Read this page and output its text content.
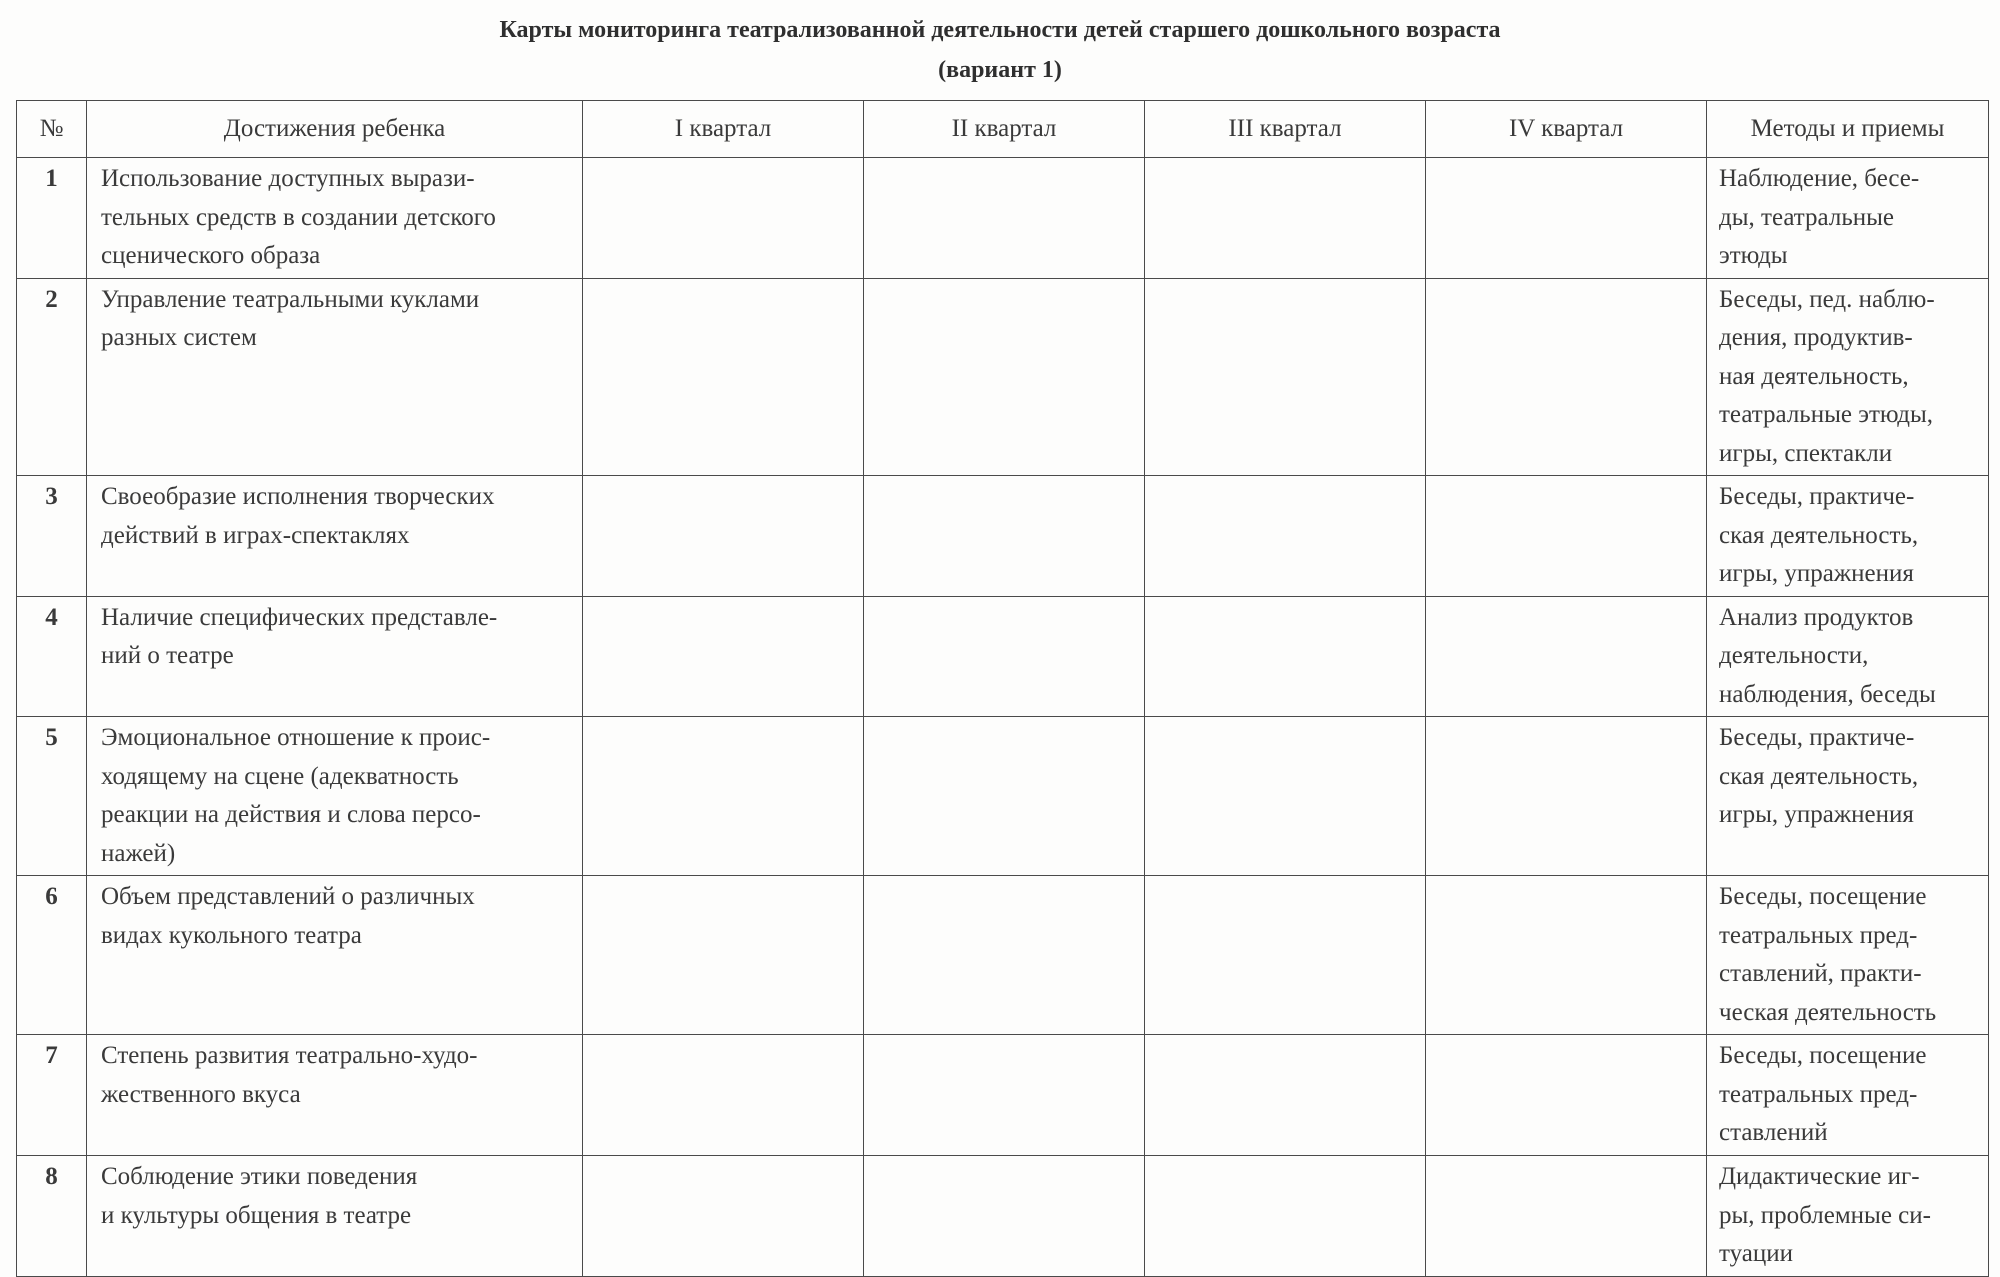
Карты мониторинга театрализованной деятельности детей старшего дошкольного возраста
(вариант 1)
№	Достижения ребенка	I квартал	II квартал	III квартал	IV квартал	Методы и приемы
1	Использование доступных вырази-
тельных средств в создании детского
сценического образа					Наблюдение, бесе-
ды, театральные
этюды

2	Управление театральными куклами
разных систем					Беседы, пед. наблю-
дения, продуктив-
ная деятельность,
театральные этюды,
игры, спектакли

3	Своеобразие исполнения творческих
действий в играх-спектаклях					Беседы, практиче-
ская деятельность,
игры, упражнения

4	Наличие специфических представле-
ний о театре					Анализ продуктов
деятельности,
наблюдения, беседы

5	Эмоциональное отношение к проис-
ходящему на сцене (адекватность
реакции на действия и слова персо-
нажей)					Беседы, практиче-
ская деятельность,
игры, упражнения

6	Объем представлений о различных
видах кукольного театра					Беседы, посещение
театральных пред-
ставлений, практи-
ческая деятельность

7	Степень развития театрально-худо-
жественного вкуса					Беседы, посещение
театральных пред-
ставлений

8	Соблюдение этики поведения
и культуры общения в театре					Дидактические иг-
ры, проблемные си-
туации
